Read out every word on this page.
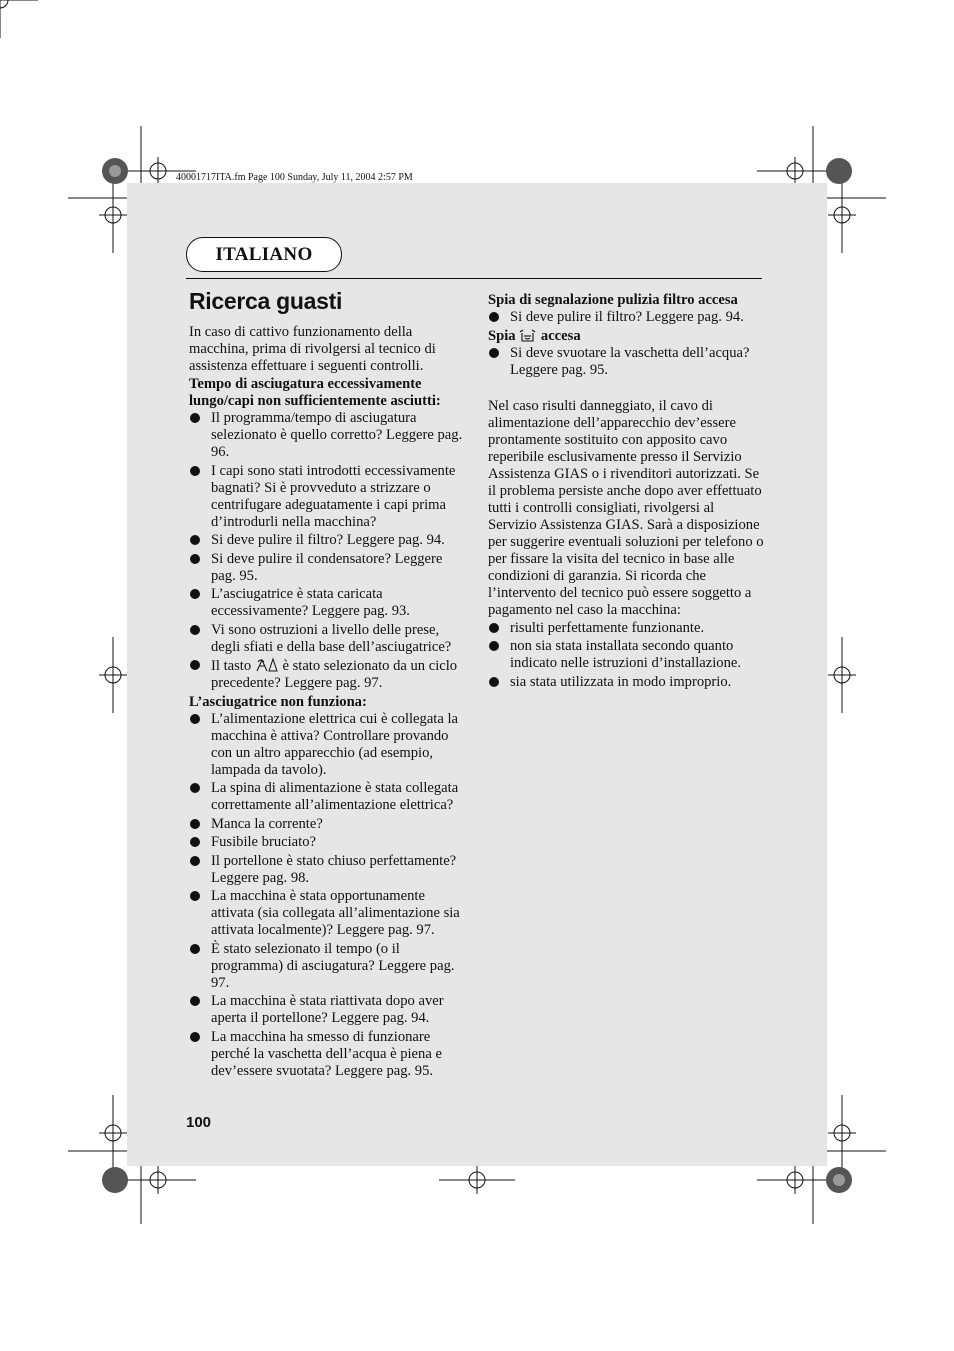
40001717ITA.fm Page 100 Sunday, July 11, 2004 2:57 PM
ITALIANO
Ricerca guasti

In caso di cattivo funzionamento della macchina, prima di rivolgersi al tecnico di assistenza effettuare i seguenti controlli.

Tempo di asciugatura eccessivamente lungo/capi non sufficientemente asciutti:

Il programma/tempo di asciugatura selezionato è quello corretto? Leggere pag. 96.
I capi sono stati introdotti eccessivamente bagnati? Si è provveduto a strizzare o centrifugare adeguatamente i capi prima d’introdurli nella macchina?
Si deve pulire il filtro? Leggere pag. 94.
Si deve pulire il condensatore? Leggere pag. 95.
L’asciugatrice è stata caricata eccessivamente? Leggere pag. 93.
Vi sono ostruzioni a livello delle prese, degli sfiati e della base dell’asciugatrice?
Il tasto è stato selezionato da un ciclo precedente? Leggere pag. 97.

L’asciugatrice non funziona:

L’alimentazione elettrica cui è collegata la macchina è attiva? Controllare provando con un altro apparecchio (ad esempio, lampada da tavolo).
La spina di alimentazione è stata collegata correttamente all’alimentazione elettrica?
Manca la corrente?
Fusibile bruciato?
Il portellone è stato chiuso perfettamente? Leggere pag. 98.
La macchina è stata opportunamente attivata (sia collegata all’alimentazione sia attivata localmente)? Leggere pag. 97.
È stato selezionato il tempo (o il programma) di asciugatura? Leggere pag. 97.
La macchina è stata riattivata dopo aver aperta il portellone? Leggere pag. 94.
La macchina ha smesso di funzionare perché la vaschetta dell’acqua è piena e dev’essere svuotata? Leggere pag. 95.

Spia di segnalazione pulizia filtro accesa

Si deve pulire il filtro? Leggere pag. 94.

Spia accesa

Si deve svuotare la vaschetta dell’acqua? Leggere pag. 95.

Nel caso risulti danneggiato, il cavo di alimentazione dell’apparecchio dev’essere prontamente sostituito con apposito cavo reperibile esclusivamente presso il Servizio Assistenza GIAS o i rivenditori autorizzati. Se il problema persiste anche dopo aver effettuato tutti i controlli consigliati, rivolgersi al Servizio Assistenza GIAS. Sarà a disposizione per suggerire eventuali soluzioni per telefono o per fissare la visita del tecnico in base alle condizioni di garanzia. Si ricorda che l’intervento del tecnico può essere soggetto a pagamento nel caso la macchina:

risulti perfettamente funzionante.
non sia stata installata secondo quanto indicato nelle istruzioni d’installazione.
sia stata utilizzata in modo improprio.
100
